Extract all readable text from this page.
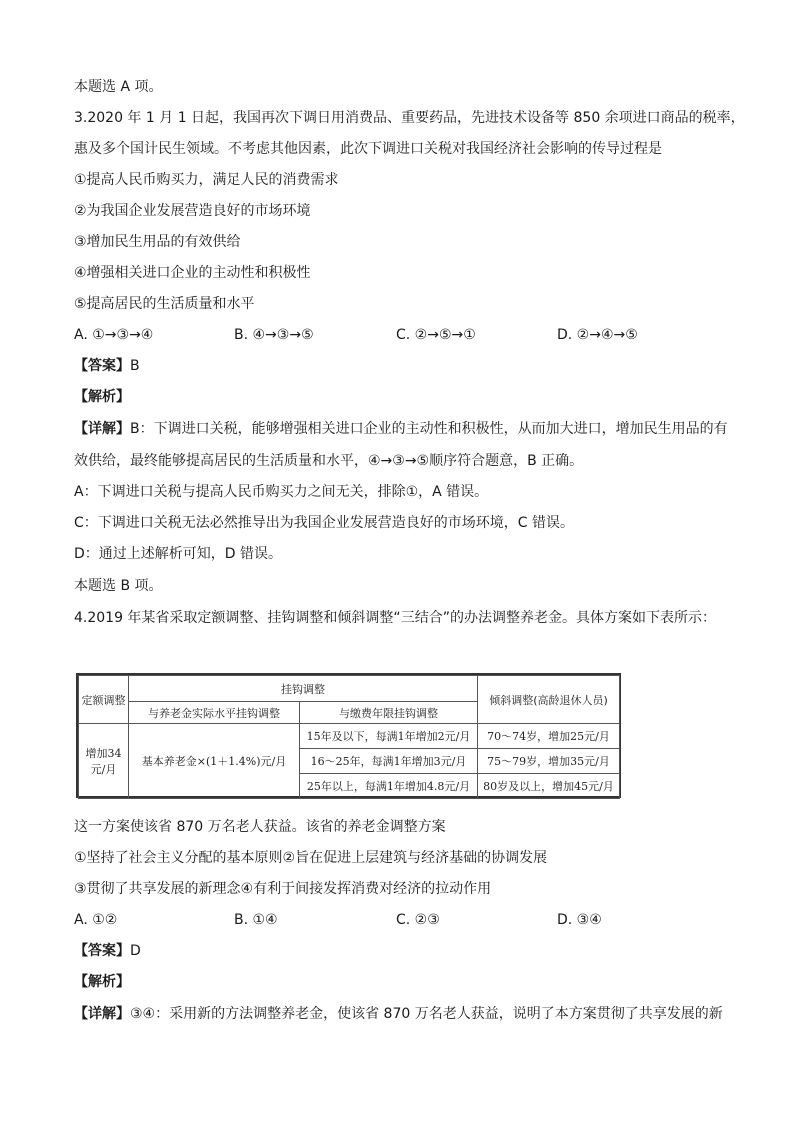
本题选 A 项。
3.2020 年 1 月 1 日起，我国再次下调日用消费品、重要药品，先进技术设备等 850 余项进口商品的税率，
惠及多个国计民生领域。不考虑其他因素，此次下调进口关税对我国经济社会影响的传导过程是
①提高人民币购买力，满足人民的消费需求
②为我国企业发展营造良好的市场环境
③增加民生用品的有效供给
④增强相关进口企业的主动性和积极性
⑤提高居民的生活质量和水平
A. ①→③→④	B. ④→③→⑤	C. ②→⑤→①	D. ②→④→⑤
【答案】B
【解析】
【详解】B：下调进口关税，能够增强相关进口企业的主动性和积极性，从而加大进口，增加民生用品的有
效供给，最终能够提高居民的生活质量和水平，④→③→⑤顺序符合题意，B 正确。
A：下调进口关税与提高人民币购买力之间无关，排除①，A 错误。
C：下调进口关税无法必然推导出为我国企业发展营造良好的市场环境，C 错误。
D：通过上述解析可知，D 错误。
本题选 B 项。
4.2019 年某省采取定额调整、挂钩调整和倾斜调整“三结合”的办法调整养老金。具体方案如下表所示：
定额调整	挂钩调整		倾斜调整(高龄退休人员)
	与养老金实际水平挂钩调整	与缴费年限挂钩调整	
增加34元/月	基本养老金×(1＋1.4%)元/月	15年及以下，每满1年增加2元/月	70～74岁，增加25元/月
		16～25年，每满1年增加3元/月	75～79岁，增加35元/月
		25年以上，每满1年增加4.8元/月	80岁及以上，增加45元/月
这一方案使该省 870 万名老人获益。该省的养老金调整方案
①坚持了社会主义分配的基本原则②旨在促进上层建筑与经济基础的协调发展
③贯彻了共享发展的新理念④有利于间接发挥消费对经济的拉动作用
A. ①②	B. ①④	C. ②③	D. ③④
【答案】D
【解析】
【详解】③④：采用新的方法调整养老金，使该省 870 万名老人获益，说明了本方案贯彻了共享发展的新
